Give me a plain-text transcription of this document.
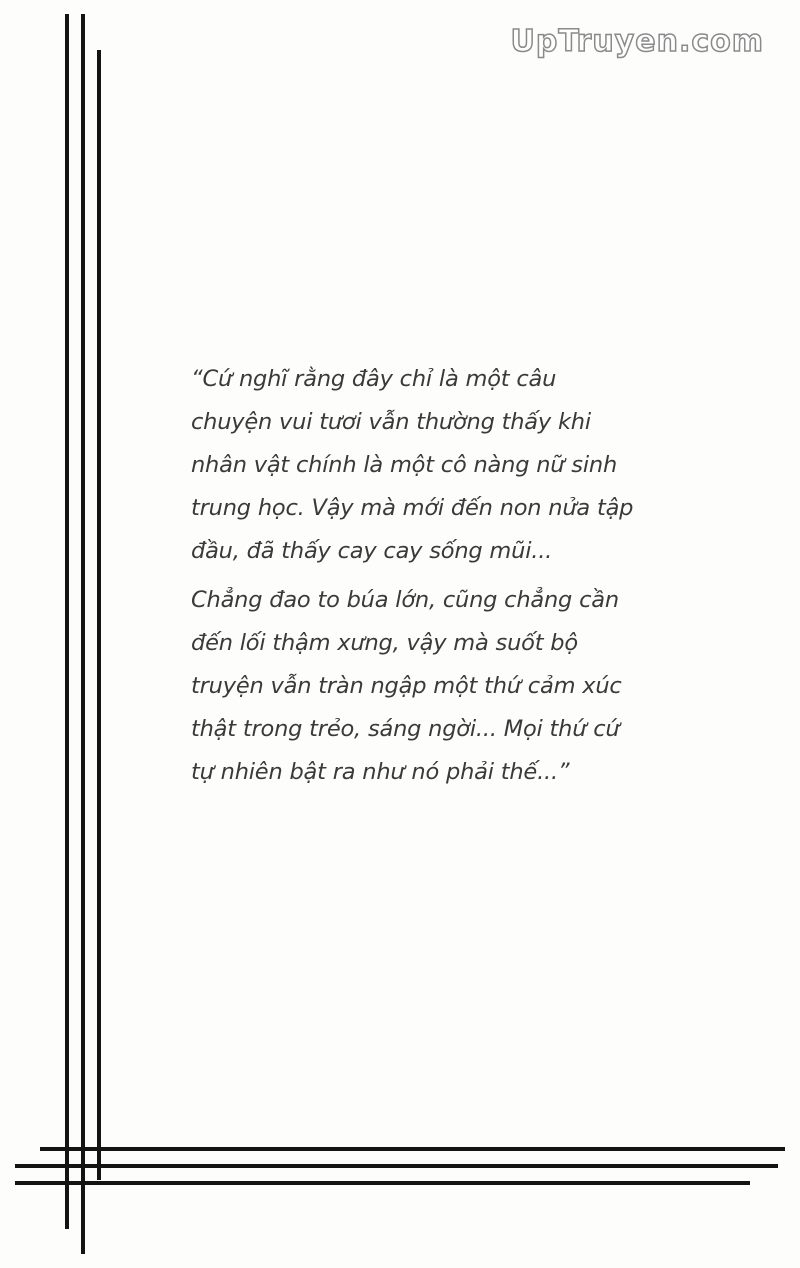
UpTruyen.com

“Cứ nghĩ rằng đây chỉ là một câu
chuyện vui tươi vẫn thường thấy khi
nhân vật chính là một cô nàng nữ sinh
trung học. Vậy mà mới đến non nửa tập
đầu, đã thấy cay cay sống mũi...

Chẳng đao to búa lớn, cũng chẳng cần
đến lối thậm xưng, vậy mà suốt bộ
truyện vẫn tràn ngập một thứ cảm xúc
thật trong trẻo, sáng ngời... Mọi thứ cứ
tự nhiên bật ra như nó phải thế...”
